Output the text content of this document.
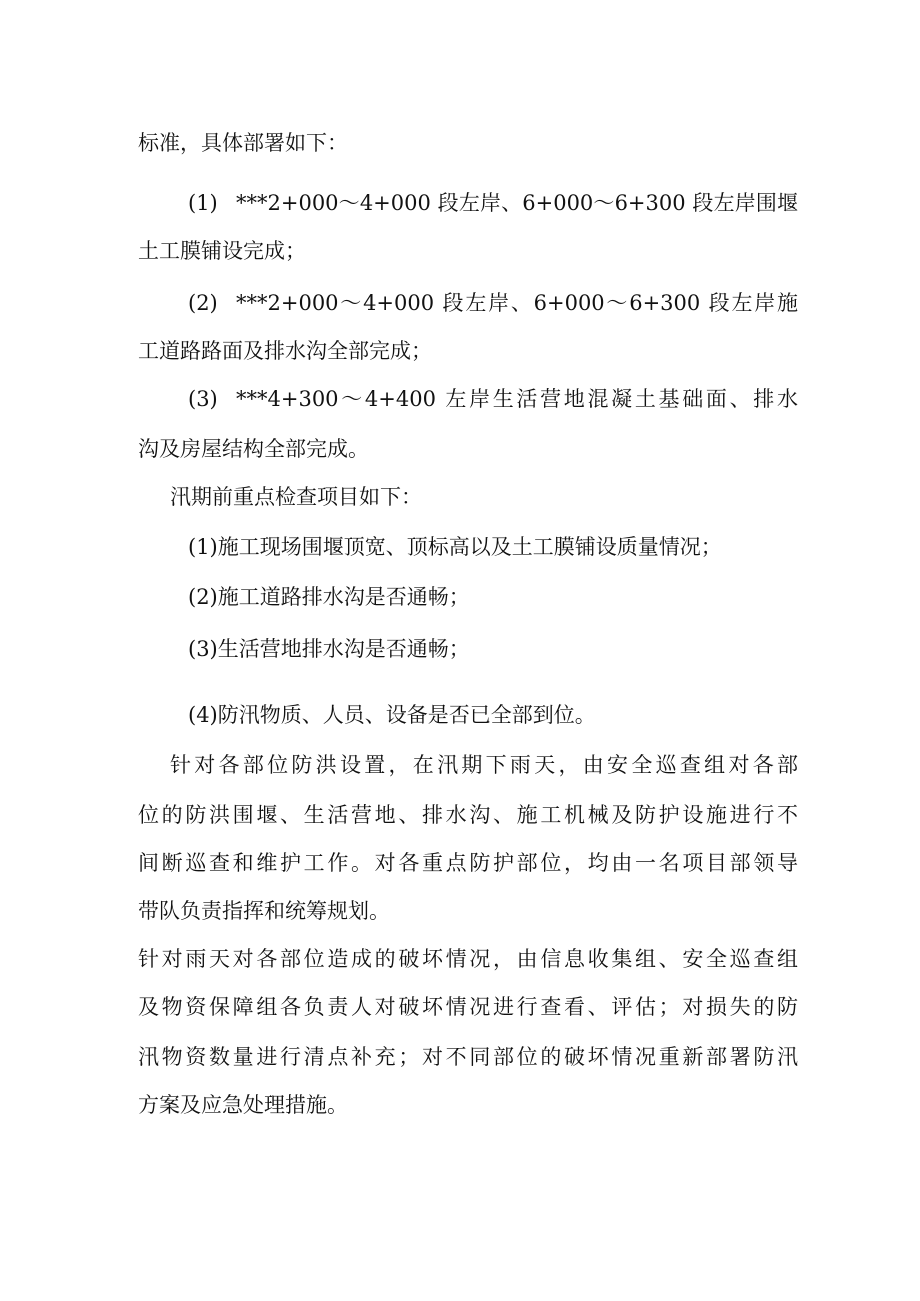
标准，具体部署如下：
(1) ***2+000～4+000 段左岸、6+000～6+300 段左岸围堰
土工膜铺设完成；
(2) ***2+000～4+000 段左岸、6+000～6+300 段左岸施
工道路路面及排水沟全部完成；
(3) ***4+300～4+400 左岸生活营地混凝土基础面、排水
沟及房屋结构全部完成。
汛期前重点检查项目如下：
(1)施工现场围堰顶宽、顶标高以及土工膜铺设质量情况；
(2)施工道路排水沟是否通畅；
(3)生活营地排水沟是否通畅；
(4)防汛物质、人员、设备是否已全部到位。
针对各部位防洪设置，在汛期下雨天，由安全巡查组对各部
位的防洪围堰、生活营地、排水沟、施工机械及防护设施进行不
间断巡查和维护工作。对各重点防护部位，均由一名项目部领导
带队负责指挥和统筹规划。
针对雨天对各部位造成的破坏情况，由信息收集组、安全巡查组
及物资保障组各负责人对破坏情况进行查看、评估；对损失的防
汛物资数量进行清点补充；对不同部位的破坏情况重新部署防汛
方案及应急处理措施。
